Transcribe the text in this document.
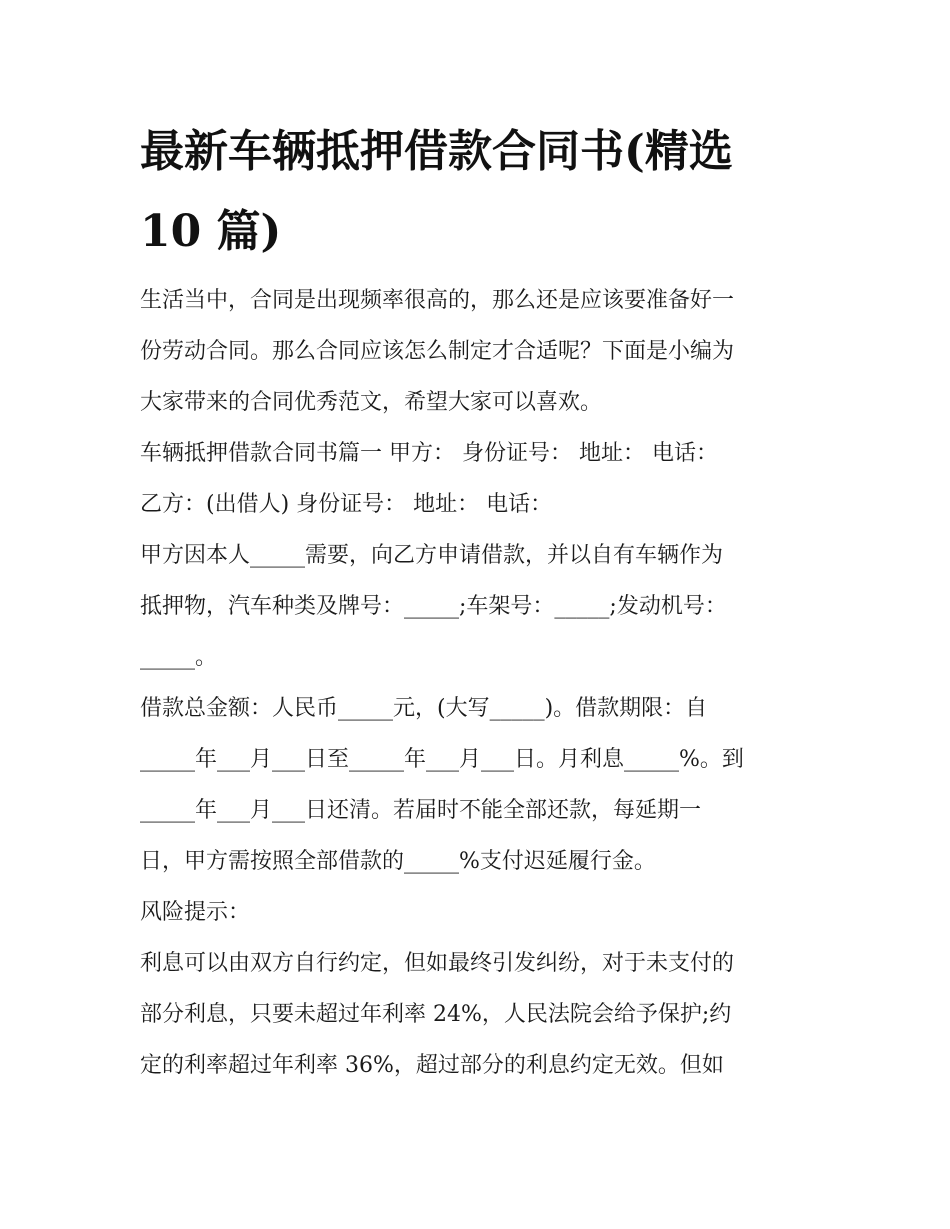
最新车辆抵押借款合同书(精选
10 篇)

生活当中，合同是出现频率很高的，那么还是应该要准备好一

份劳动合同。那么合同应该怎么制定才合适呢？下面是小编为

大家带来的合同优秀范文，希望大家可以喜欢。

车辆抵押借款合同书篇一 甲方： 身份证号： 地址： 电话：

乙方：(出借人) 身份证号： 地址： 电话：

甲方因本人_____需要，向乙方申请借款，并以自有车辆作为

抵押物，汽车种类及牌号：_____;车架号：_____;发动机号：

_____。

借款总金额：人民币_____元，(大写_____)。借款期限：自

_____年___月___日至_____年___月___日。月利息_____%。到

_____年___月___日还清。若届时不能全部还款，每延期一

日，甲方需按照全部借款的_____%支付迟延履行金。

风险提示：

利息可以由双方自行约定，但如最终引发纠纷，对于未支付的

部分利息，只要未超过年利率 24%，人民法院会给予保护;约

定的利率超过年利率 36%，超过部分的利息约定无效。但如
